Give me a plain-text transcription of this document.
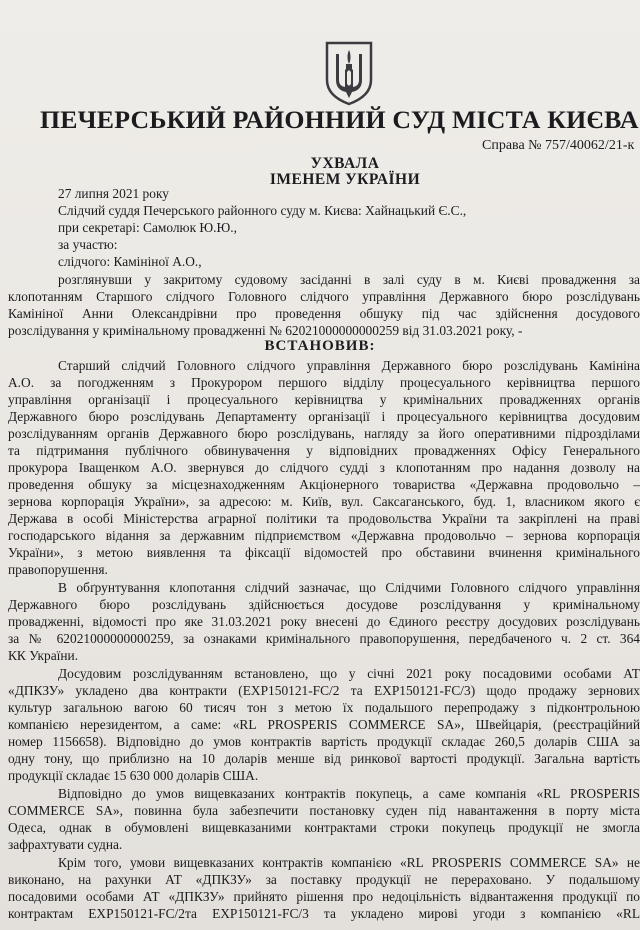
ПЕЧЕРСЬКИЙ РАЙОННИЙ СУД МІСТА КИЄВА
Справа № 757/40062/21-к
УХВАЛА
ІМЕНЕМ УКРАЇНИ
27 липня 2021 року
Слідчий суддя Печерського районного суду м. Києва: Хайнацький Є.С.,
при секретарі: Самолюк Ю.Ю.,
за участю:
слідчого: Камініної А.О.,
розглянувши у закритому судовому засіданні в залі суду в м. Києві провадження за
клопотанням Старшого слідчого Головного слідчого управління Державного бюро розслідувань
Камініної Анни Олександрівни про проведення обшуку під час здійснення досудового
розслідування у кримінальному провадженні № 62021000000000259 від 31.03.2021 року, -
ВСТАНОВИВ:
Старший слідчий Головного слідчого управління Державного бюро розслідувань Камініна
А.О. за погодженням з Прокурором першого відділу процесуального керівництва першого
управління організації і процесуального керівництва у кримінальних провадженнях органів
Державного бюро розслідувань Департаменту організації і процесуального керівництва досудовим
розслідуванням органів Державного бюро розслідувань, нагляду за його оперативними підрозділами
та підтримання публічного обвинувачення у відповідних провадженнях Офісу Генерального
прокурора Іващенком А.О. звернувся до слідчого судді з клопотанням про надання дозволу на
проведення обшуку за місцезнаходженням Акціонерного товариства «Державна продовольчо –
зернова корпорація України», за адресою: м. Київ, вул. Саксаганського, буд. 1, власником якого є
Держава в особі Міністерства аграрної політики та продовольства України та закріплені на праві
господарського відання за державним підприємством «Державна продовольчо – зернова корпорація
України», з метою виявлення та фіксації відомостей про обставини вчинення кримінального
правопорушення.
В обґрунтування клопотання слідчий зазначає, що Слідчими Головного слідчого управління
Державного бюро розслідувань здійснюється досудове розслідування у кримінальному
провадженні, відомості про яке 31.03.2021 року внесені до Єдиного реєстру досудових розслідувань
за № 62021000000000259, за ознаками кримінального правопорушення, передбаченого ч. 2 ст. 364
КК України.
Досудовим розслідуванням встановлено, що у січні 2021 року посадовими особами АТ
«ДПКЗУ» укладено два контракти (EXP150121-FC/2 та EXP150121-FC/3) щодо продажу зернових
культур загальною вагою 60 тисяч тон з метою їх подальшого перепродажу з підконтрольною
компанією нерезидентом, а саме: «RL PROSPERIS COMMERCE SA», Швейцарія, (реєстраційний
номер 1156658). Відповідно до умов контрактів вартість продукції складає 260,5 доларів США за
одну тону, що приблизно на 10 доларів менше від ринкової вартості продукції. Загальна вартість
продукції складає 15 630 000 доларів США.
Відповідно до умов вищевказаних контрактів покупець, а саме компанія «RL PROSPERIS
COMMERCE SA», повинна була забезпечити постановку суден під навантаження в порту міста
Одеса, однак в обумовлені вищевказаними контрактами строки покупець продукції не змогла
зафрахтувати судна.
Крім того, умови вищевказаних контрактів компанією «RL PROSPERIS COMMERCE SA» не
виконано, на рахунки АТ «ДПКЗУ» за поставку продукції не перераховано. У подальшому
посадовими особами АТ «ДПКЗУ» прийнято рішення про недоцільність відвантаження продукції по
контрактам EXP150121-FC/2та EXP150121-FC/3 та укладено мирові угоди з компанією «RL
